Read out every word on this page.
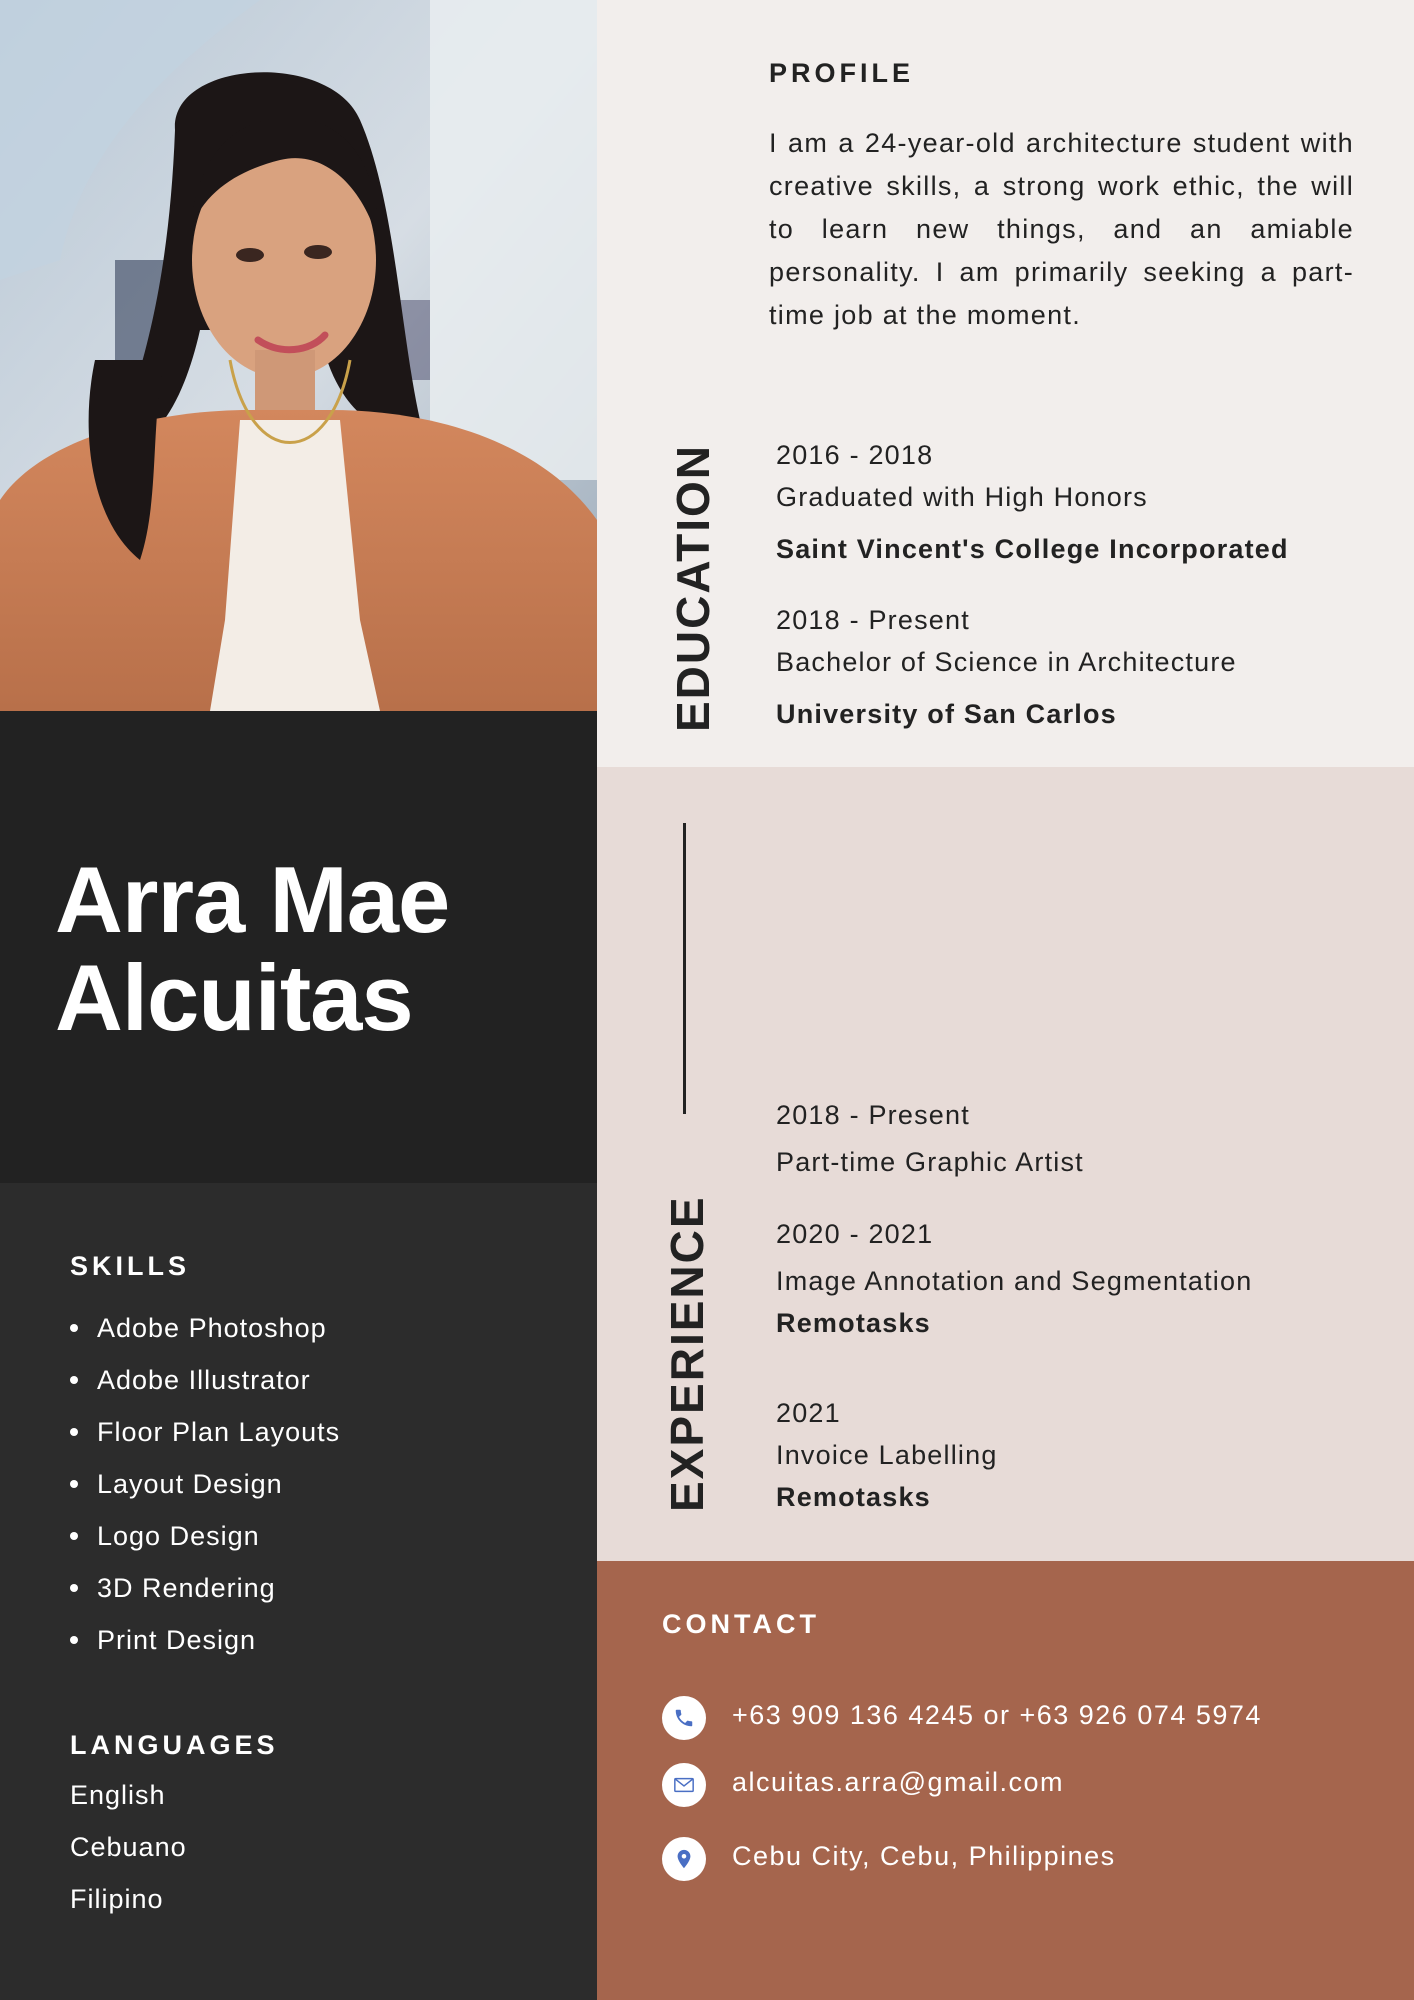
Arra Mae
Alcuitas
SKILLS
Adobe Photoshop
Adobe Illustrator
Floor Plan Layouts
Layout Design
Logo Design
3D Rendering
Print Design
LANGUAGES
English
Cebuano
Filipino
PROFILE
I am a 24-year-old architecture student with creative skills, a strong work ethic, the will to learn new things, and an amiable personality. I am primarily seeking a part-time job at the moment.
EDUCATION 2016 - 2018
Graduated with High Honors
Saint Vincent's College Incorporated
2018 - Present
Bachelor of Science in Architecture
University of San Carlos
EXPERIENCE
2018 - Present
Part-time Graphic Artist
2020 - 2021
Image Annotation and Segmentation
Remotasks
2021
Invoice Labelling
Remotasks
CONTACT
+63 909 136 4245 or +63 926 074 5974
alcuitas.arra@gmail.com
Cebu City, Cebu, Philippines
